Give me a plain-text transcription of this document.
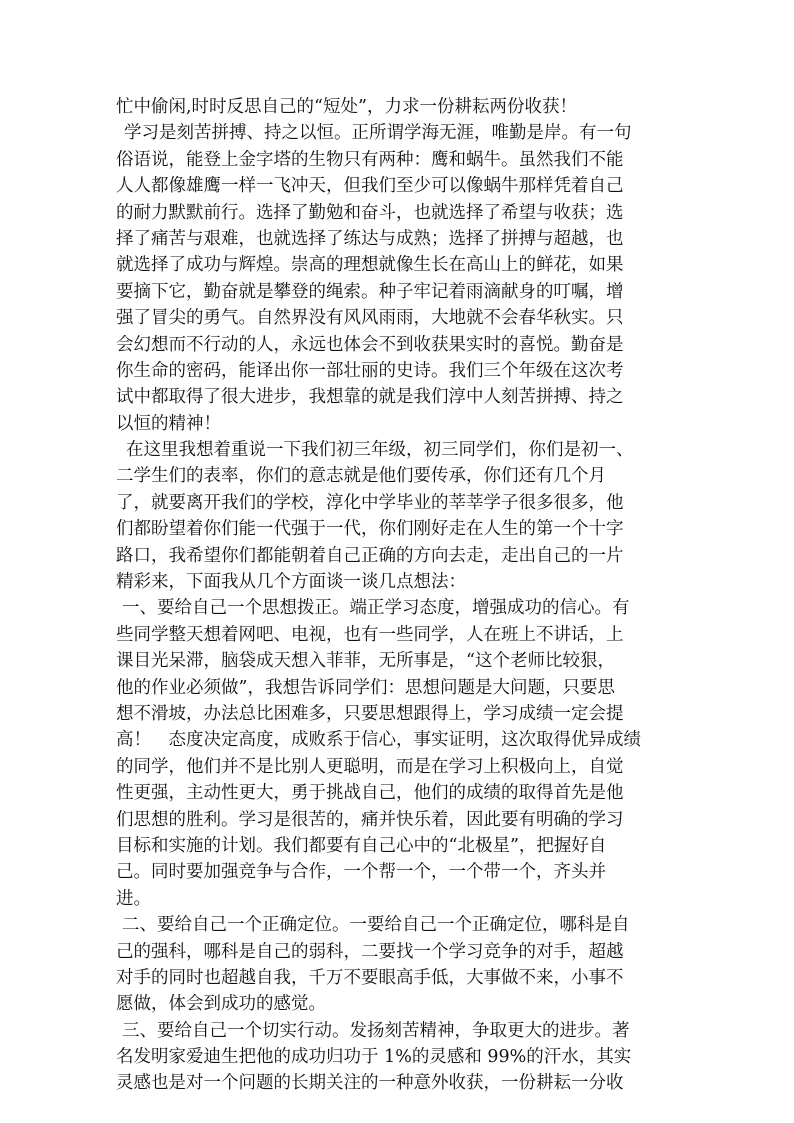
忙中偷闲,时时反思自己的“短处”，力求一份耕耘两份收获！
学习是刻苦拼搏、持之以恒。正所谓学海无涯，唯勤是岸。有一句
俗语说，能登上金字塔的生物只有两种：鹰和蜗牛。虽然我们不能
人人都像雄鹰一样一飞冲天，但我们至少可以像蜗牛那样凭着自己
的耐力默默前行。选择了勤勉和奋斗，也就选择了希望与收获；选
择了痛苦与艰难，也就选择了练达与成熟；选择了拼搏与超越，也
就选择了成功与辉煌。崇高的理想就像生长在高山上的鲜花，如果
要摘下它，勤奋就是攀登的绳索。种子牢记着雨滴献身的叮嘱，增
强了冒尖的勇气。自然界没有风风雨雨，大地就不会春华秋实。只
会幻想而不行动的人，永远也体会不到收获果实时的喜悦。勤奋是
你生命的密码，能译出你一部壮丽的史诗。我们三个年级在这次考
试中都取得了很大进步，我想靠的就是我们淳中人刻苦拼搏、持之
以恒的精神！
在这里我想着重说一下我们初三年级，初三同学们，你们是初一、
二学生们的表率，你们的意志就是他们要传承，你们还有几个月
了，就要离开我们的学校，淳化中学毕业的莘莘学子很多很多，他
们都盼望着你们能一代强于一代，你们刚好走在人生的第一个十字
路口，我希望你们都能朝着自己正确的方向去走，走出自己的一片
精彩来，下面我从几个方面谈一谈几点想法：
一、要给自己一个思想拨正。端正学习态度，增强成功的信心。有
些同学整天想着网吧、电视，也有一些同学，人在班上不讲话，上
课目光呆滞，脑袋成天想入菲菲，无所事是，“这个老师比较狠，
他的作业必须做”，我想告诉同学们：思想问题是大问题，只要思
想不滑坡，办法总比困难多，只要思想跟得上，学习成绩一定会提
高！　态度决定高度，成败系于信心，事实证明，这次取得优异成绩
的同学，他们并不是比别人更聪明，而是在学习上积极向上，自觉
性更强，主动性更大，勇于挑战自己，他们的成绩的取得首先是他
们思想的胜利。学习是很苦的，痛并快乐着，因此要有明确的学习
目标和实施的计划。我们都要有自己心中的“北极星”，把握好自
己。同时要加强竞争与合作，一个帮一个，一个带一个，齐头并
进。
二、要给自己一个正确定位。一要给自己一个正确定位，哪科是自
己的强科，哪科是自己的弱科，二要找一个学习竞争的对手，超越
对手的同时也超越自我，千万不要眼高手低，大事做不来，小事不
愿做，体会到成功的感觉。
三、要给自己一个切实行动。发扬刻苦精神，争取更大的进步。著
名发明家爱迪生把他的成功归功于 1%的灵感和 99%的汗水，其实
灵感也是对一个问题的长期关注的一种意外收获，一份耕耘一分收
